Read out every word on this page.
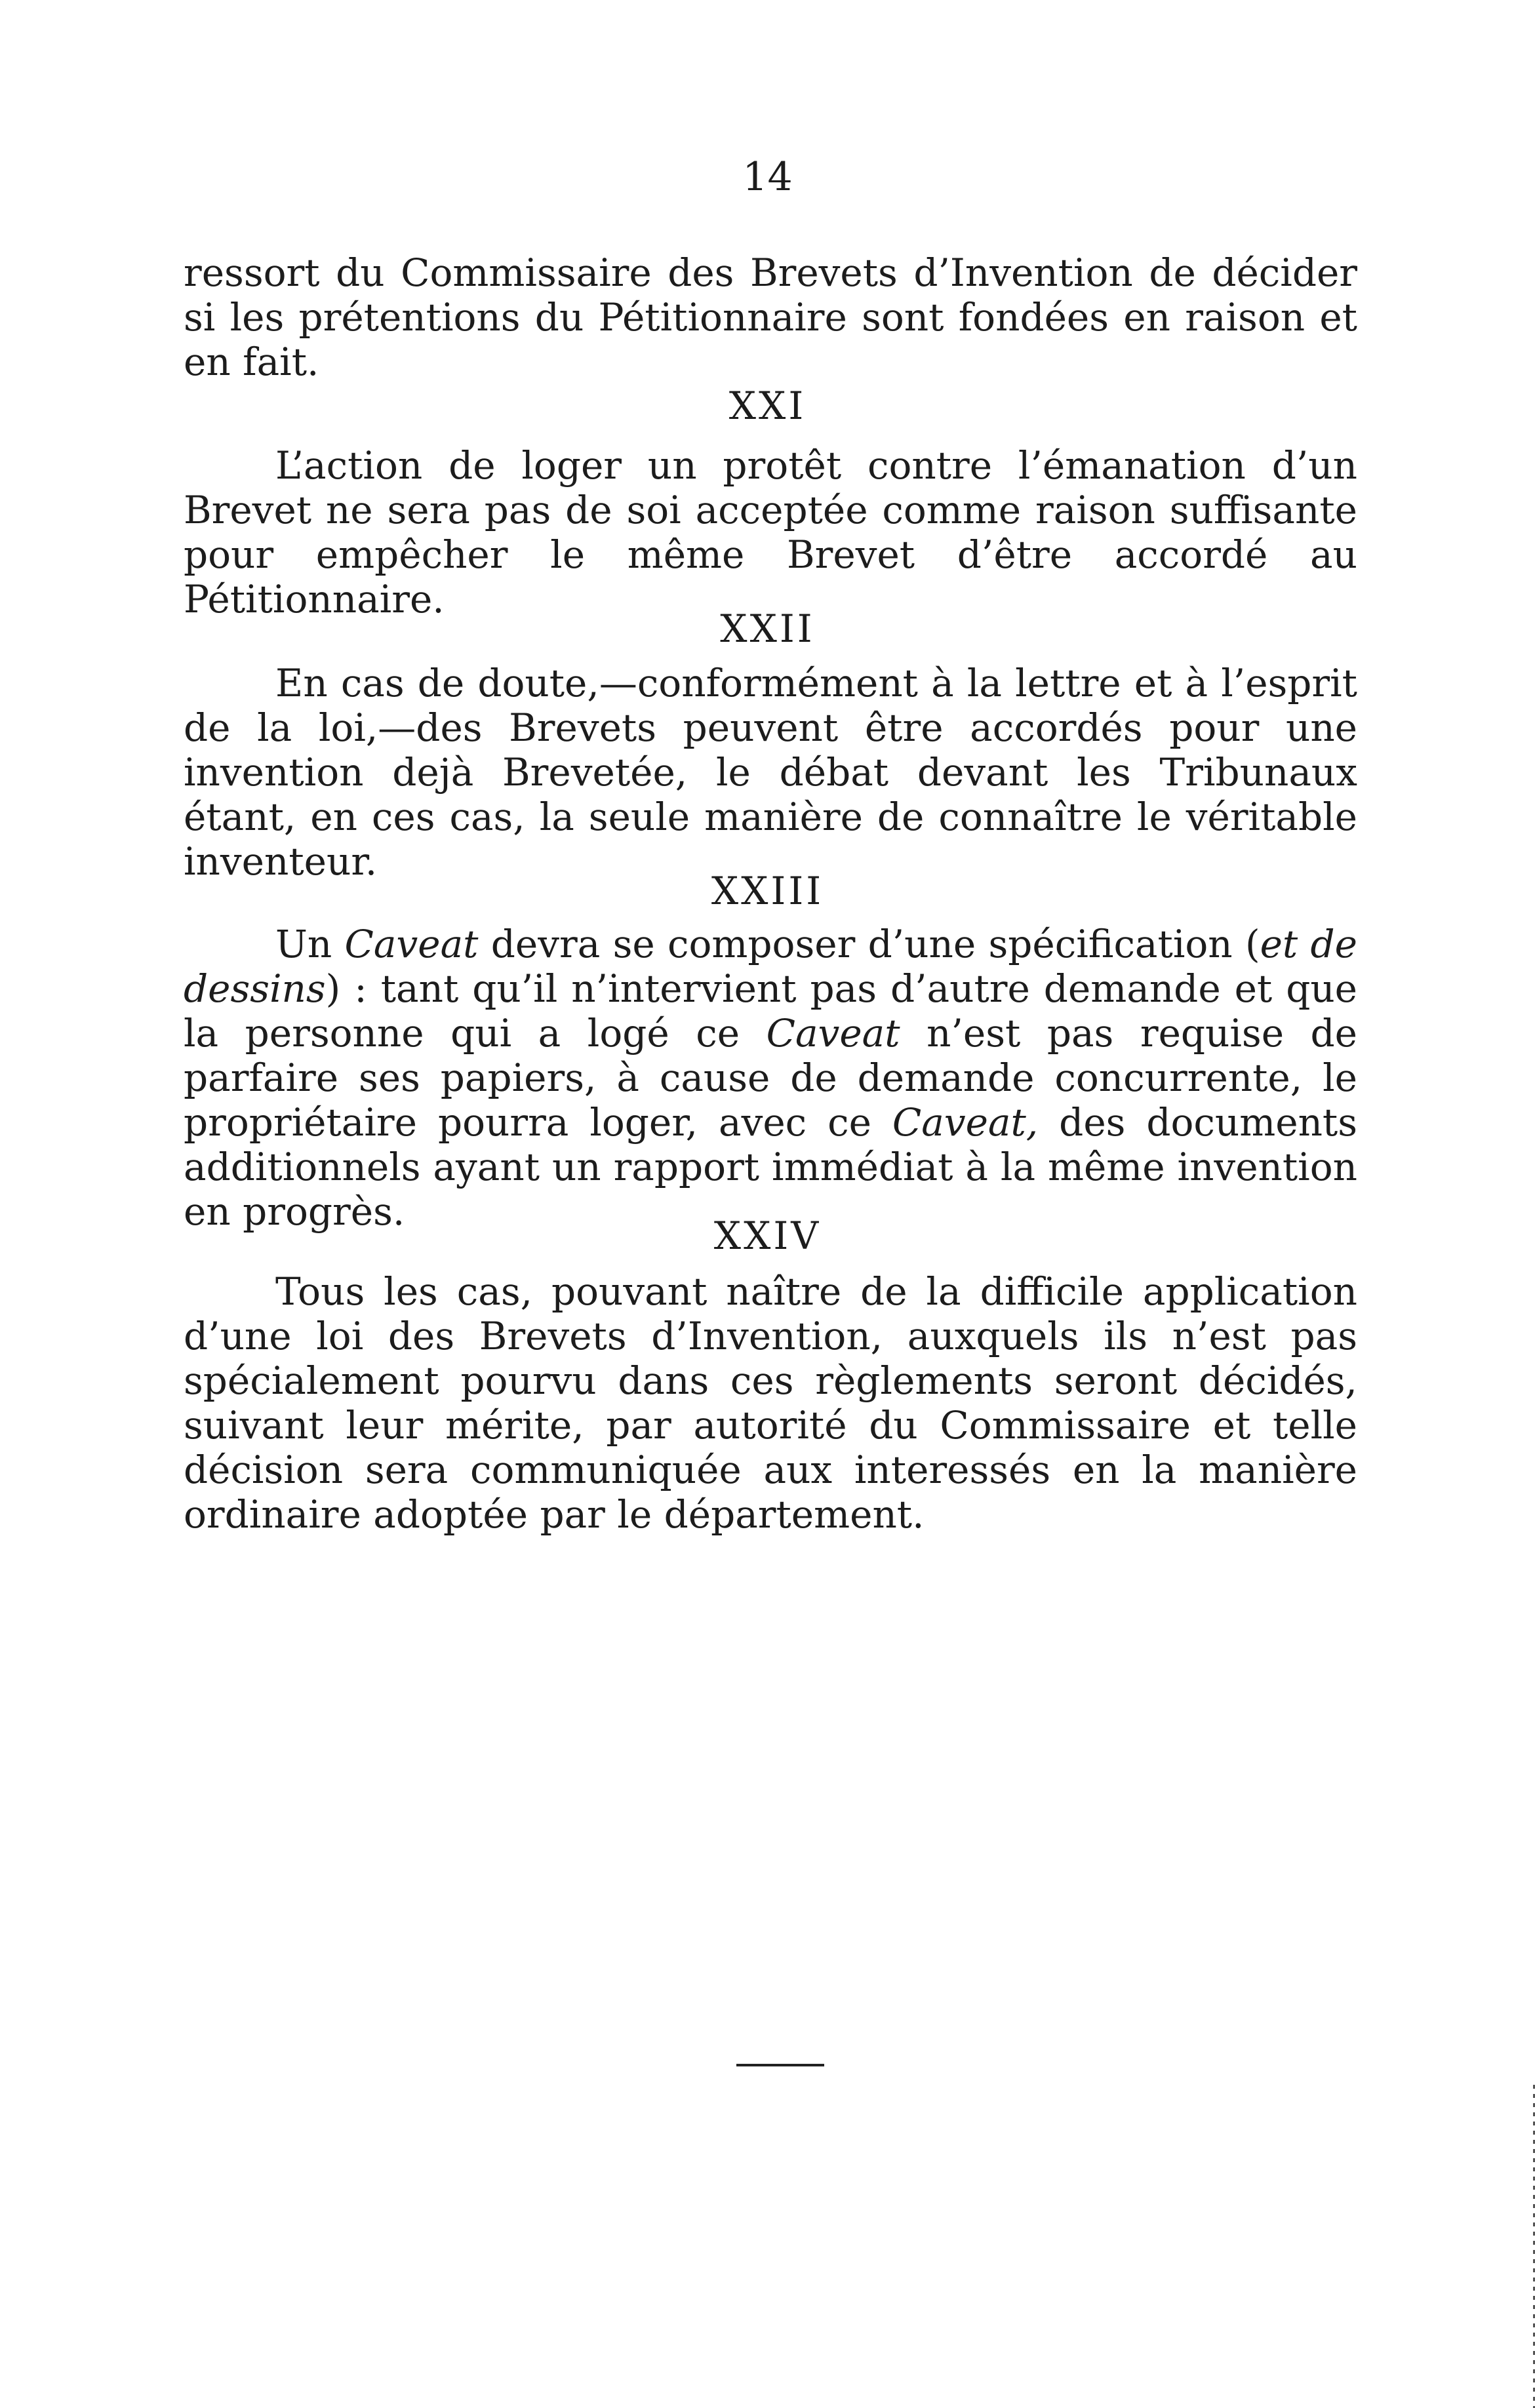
14

ressort du Commissaire des Brevets d’Invention de décider si les prétentions du Pétitionnaire sont fondées en raison et en fait.

XXI

L’action de loger un protêt contre l’émanation d’un Brevet ne sera pas de soi acceptée comme raison suffisante pour empêcher le même Brevet d’être accordé au Pétitionnaire.

XXII

En cas de doute,—conformément à la lettre et à l’esprit de la loi,—des Brevets peuvent être accordés pour une invention dejà Brevetée, le débat devant les Tribunaux étant, en ces cas, la seule manière de connaître le véritable inventeur.

XXIII

Un Caveat devra se composer d’une spécification (et de dessins) : tant qu’il n’intervient pas d’autre demande et que la personne qui a logé ce Caveat n’est pas requise de parfaire ses papiers, à cause de demande concurrente, le propriétaire pourra loger, avec ce Caveat, des documents additionnels ayant un rapport immédiat à la même invention en progrès.

XXIV

Tous les cas, pouvant naître de la difficile application d’une loi des Brevets d’Invention, auxquels ils n’est pas spécialement pourvu dans ces règlements seront décidés, suivant leur mérite, par autorité du Commissaire et telle décision sera communiquée aux interessés en la manière ordinaire adoptée par le département.
